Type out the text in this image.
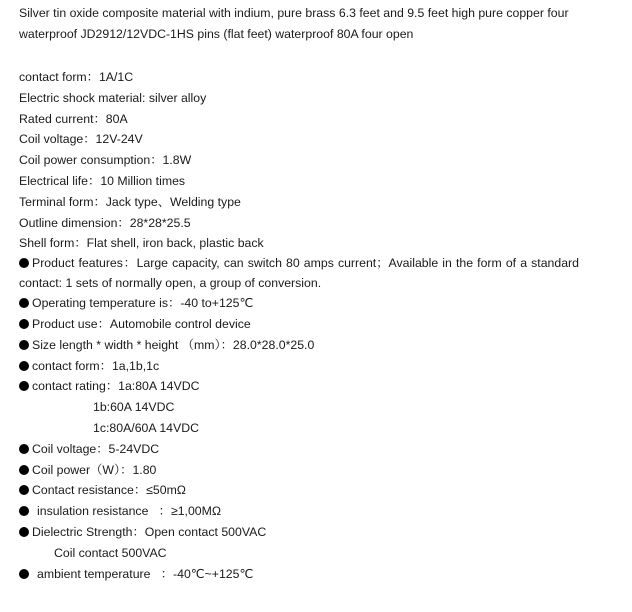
Silver tin oxide composite material with indium, pure brass 6.3 feet and 9.5 feet high pure copper four waterproof JD2912/12VDC-1HS pins (flat feet) waterproof 80A four open

contact form：1A/1C
Electric shock material: silver alloy
Rated current：80A
Coil voltage：12V-24V
Coil power consumption：1.8W
Electrical life：10 Million times
Terminal form：Jack type、Welding type
Outline dimension：28*28*25.5
Shell form：Flat shell, iron back, plastic back
Product features：Large capacity, can switch 80 amps current；Available in the form of a standard contact: 1 sets of normally open, a group of conversion.
Operating temperature is：-40 to+125℃
Product use：Automobile control device
Size length * width * height （mm）：28.0*28.0*25.0
contact form：1a,1b,1c
contact rating：1a:80A 14VDC
1b:60A 14VDC
1c:80A/60A 14VDC
Coil voltage：5-24VDC
Coil power（W）：1.80
Contact resistance：≤50mΩ
insulation resistance   ：≥1,00MΩ
Dielectric Strength：Open contact 500VAC
Coil contact 500VAC
ambient temperature   ：-40℃~+125℃
